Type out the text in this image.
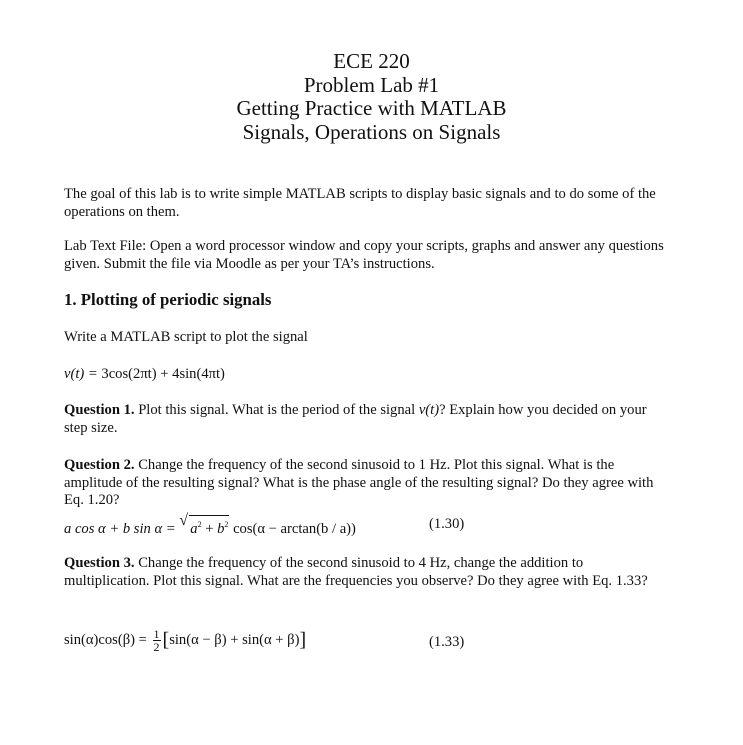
ECE 220
Problem Lab #1
Getting Practice with MATLAB
Signals, Operations on Signals
The goal of this lab is to write simple MATLAB scripts to display basic signals and to do some of the operations on them.
Lab Text File: Open a word processor window and copy your scripts, graphs and answer any questions given. Submit the file via Moodle as per your TA’s instructions.
1. Plotting of periodic signals
Write a MATLAB script to plot the signal
v(t) = 3cos(2πt) + 4sin(4πt)
Question 1. Plot this signal. What is the period of the signal v(t)? Explain how you decided on your step size.
Question 2. Change the frequency of the second sinusoid to 1 Hz. Plot this signal. What is the amplitude of the resulting signal? What is the phase angle of the resulting signal? Do they agree with Eq. 1.20?
a cos α + b sin α = √ $a^2 + b^2$ cos(α − arctan(b / a))	(1.30)
Question 3. Change the frequency of the second sinusoid to 4 Hz, change the addition to multiplication. Plot this signal. What are the frequencies you observe? Do they agree with Eq. 1.33?
$\sin(\alpha)\cos(\beta) = \frac{1}{2} [\sin(\alpha - \beta) + \sin(\alpha + \beta)]$	(1.33)
